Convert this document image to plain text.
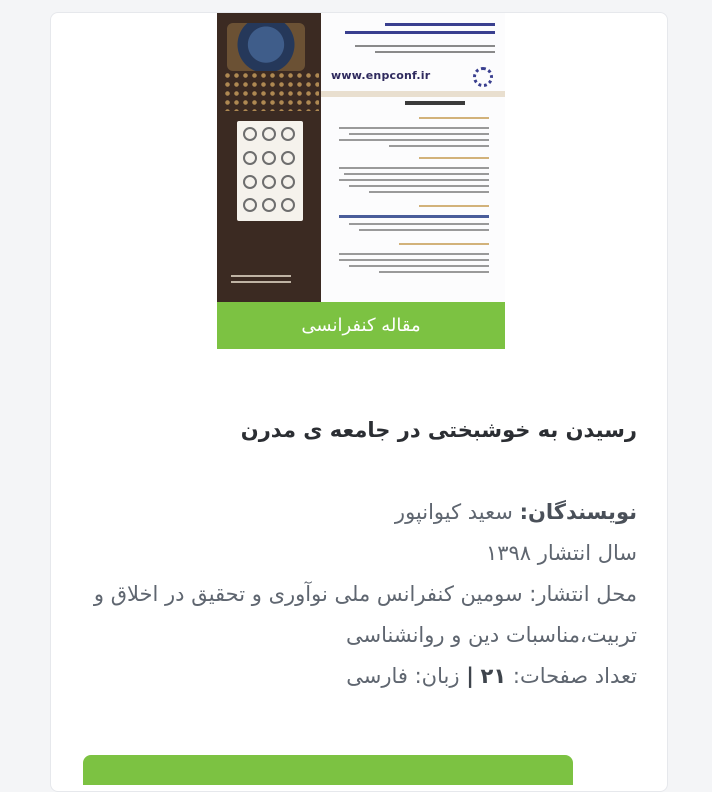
www.enpconf.ir
مقاله کنفرانسی
رسیدن به خوشبختی در جامعه ی مدرن
نویسندگان: سعید کیوانپور
سال انتشار ۱۳۹۸
محل انتشار: سومین کنفرانس ملی نوآوری و تحقیق در اخلاق و تربیت،مناسبات دین و روانشناسی
تعداد صفحات: ۲۱ | زبان: فارسی
